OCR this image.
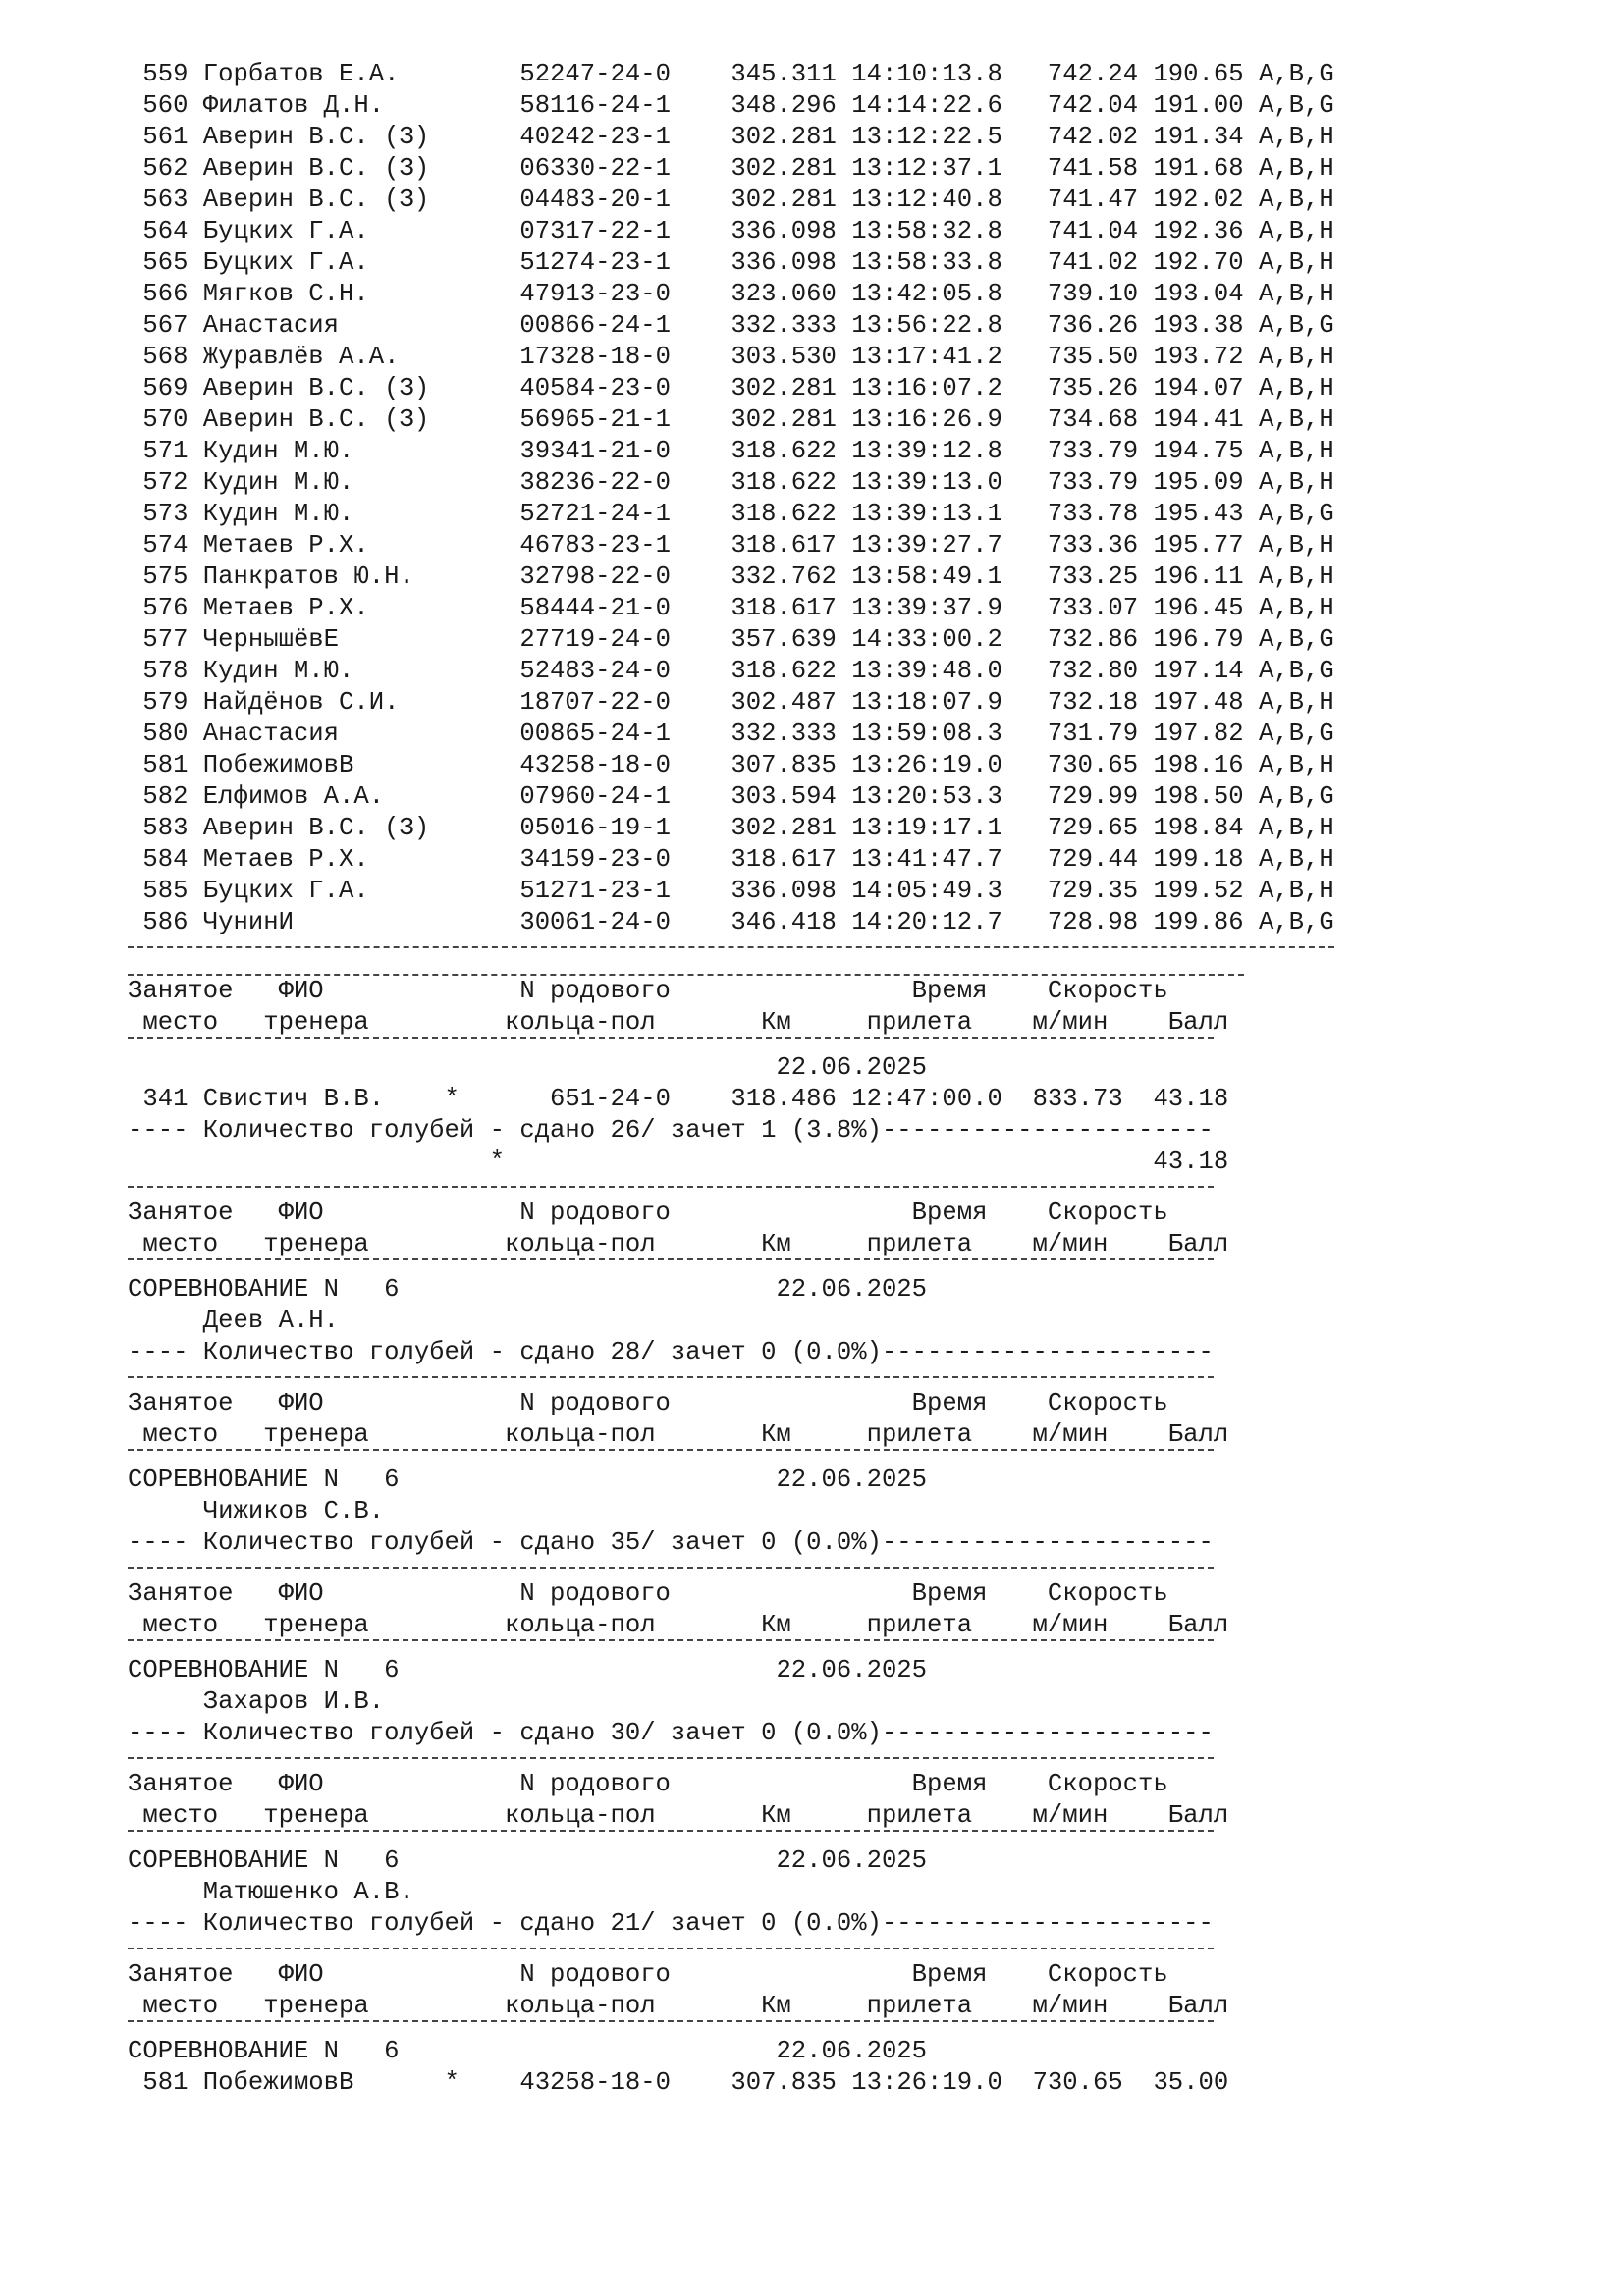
559 Горбатов Е.А.        52247-24-0 345.311 14:10:13.8 742.24 190.65 A,B,G
560 Филатов Д.Н.         58116-24-1 348.296 14:14:22.6 742.04 191.00 A,B,G
561 Аверин В.С. (З)      40242-23-1 302.281 13:12:22.5 742.02 191.34 A,B,H
562 Аверин В.С. (З)      06330-22-1 302.281 13:12:37.1 741.58 191.68 A,B,H
563 Аверин В.С. (З)      04483-20-1 302.281 13:12:40.8 741.47 192.02 A,B,H
564 Буцких Г.А.          07317-22-1 336.098 13:58:32.8 741.04 192.36 A,B,H
565 Буцких Г.А.          51274-23-1 336.098 13:58:33.8 741.02 192.70 A,B,H
566 Мягков С.Н.          47913-23-0 323.060 13:42:05.8 739.10 193.04 A,B,H
567 Анастасия            00866-24-1 332.333 13:56:22.8 736.26 193.38 A,B,G
568 Журавлёв А.А.        17328-18-0 303.530 13:17:41.2 735.50 193.72 A,B,H
569 Аверин В.С. (З)      40584-23-0 302.281 13:16:07.2 735.26 194.07 A,B,H
570 Аверин В.С. (З)      56965-21-1 302.281 13:16:26.9 734.68 194.41 A,B,H
571 Кудин М.Ю.           39341-21-0 318.622 13:39:12.8 733.79 194.75 A,B,H
572 Кудин М.Ю.           38236-22-0 318.622 13:39:13.0 733.79 195.09 A,B,H
573 Кудин М.Ю.           52721-24-1 318.622 13:39:13.1 733.78 195.43 A,B,G
574 Метаев Р.Х.          46783-23-1 318.617 13:39:27.7 733.36 195.77 A,B,H
575 Панкратов Ю.Н.       32798-22-0 332.762 13:58:49.1 733.25 196.11 A,B,H
576 Метаев Р.Х.          58444-21-0 318.617 13:39:37.9 733.07 196.45 A,B,H
577 ЧернышёвЕ            27719-24-0 357.639 14:33:00.2 732.86 196.79 A,B,G
578 Кудин М.Ю.           52483-24-0 318.622 13:39:48.0 732.80 197.14 A,B,G
579 Найдёнов С.И.        18707-22-0 302.487 13:18:07.9 732.18 197.48 A,B,H
580 Анастасия            00865-24-1 332.333 13:59:08.3 731.79 197.82 A,B,G
581 ПобежимовВ           43258-18-0 307.835 13:26:19.0 730.65 198.16 A,B,H
582 Елфимов А.А.         07960-24-1 303.594 13:20:53.3 729.99 198.50 A,B,G
583 Аверин В.С. (З)      05016-19-1 302.281 13:19:17.1 729.65 198.84 A,B,H
584 Метаев Р.Х.          34159-23-0 318.617 13:41:47.7 729.44 199.18 A,B,H
585 Буцких Г.А.          51271-23-1 336.098 14:05:49.3 729.35 199.52 A,B,H
586 ЧунинИ               30061-24-0 346.418 14:20:12.7 728.98 199.86 A,B,G
Занятое   ФИО             N родового                Время    Скорость
место   тренера         кольца-пол       Км     прилета    м/мин    Балл
22.06.2025
341 Свистич В.В.    *      651-24-0 318.486 12:47:00.0 833.73 43.18
---- Количество голубей - сдано 26/ зачет 1 (3.8%)----------------------
*	43.18
Занятое   ФИО             N родового                Время    Скорость
место   тренера         кольца-пол       Км     прилета    м/мин    Балл
СОРЕВНОВАНИЕ N   6	22.06.2025
Деев А.Н.
---- Количество голубей - сдано 28/ зачет 0 (0.0%)----------------------
Занятое   ФИО             N родового                Время    Скорость
место   тренера         кольца-пол       Км     прилета    м/мин    Балл
СОРЕВНОВАНИЕ N   6	22.06.2025
Чижиков С.В.
---- Количество голубей - сдано 35/ зачет 0 (0.0%)----------------------
Занятое   ФИО             N родового                Время    Скорость
место   тренера         кольца-пол       Км     прилета    м/мин    Балл
СОРЕВНОВАНИЕ N   6	22.06.2025
Захаров И.В.
---- Количество голубей - сдано 30/ зачет 0 (0.0%)----------------------
Занятое   ФИО             N родового                Время    Скорость
место   тренера         кольца-пол       Км     прилета    м/мин    Балл
СОРЕВНОВАНИЕ N   6	22.06.2025
Матюшенко А.В.
---- Количество голубей - сдано 21/ зачет 0 (0.0%)----------------------
Занятое   ФИО             N родового                Время    Скорость
место   тренера         кольца-пол       Км     прилета    м/мин    Балл
СОРЕВНОВАНИЕ N   6	22.06.2025
581 ПобежимовВ      * 43258-18-0 307.835 13:26:19.0 730.65 35.00
